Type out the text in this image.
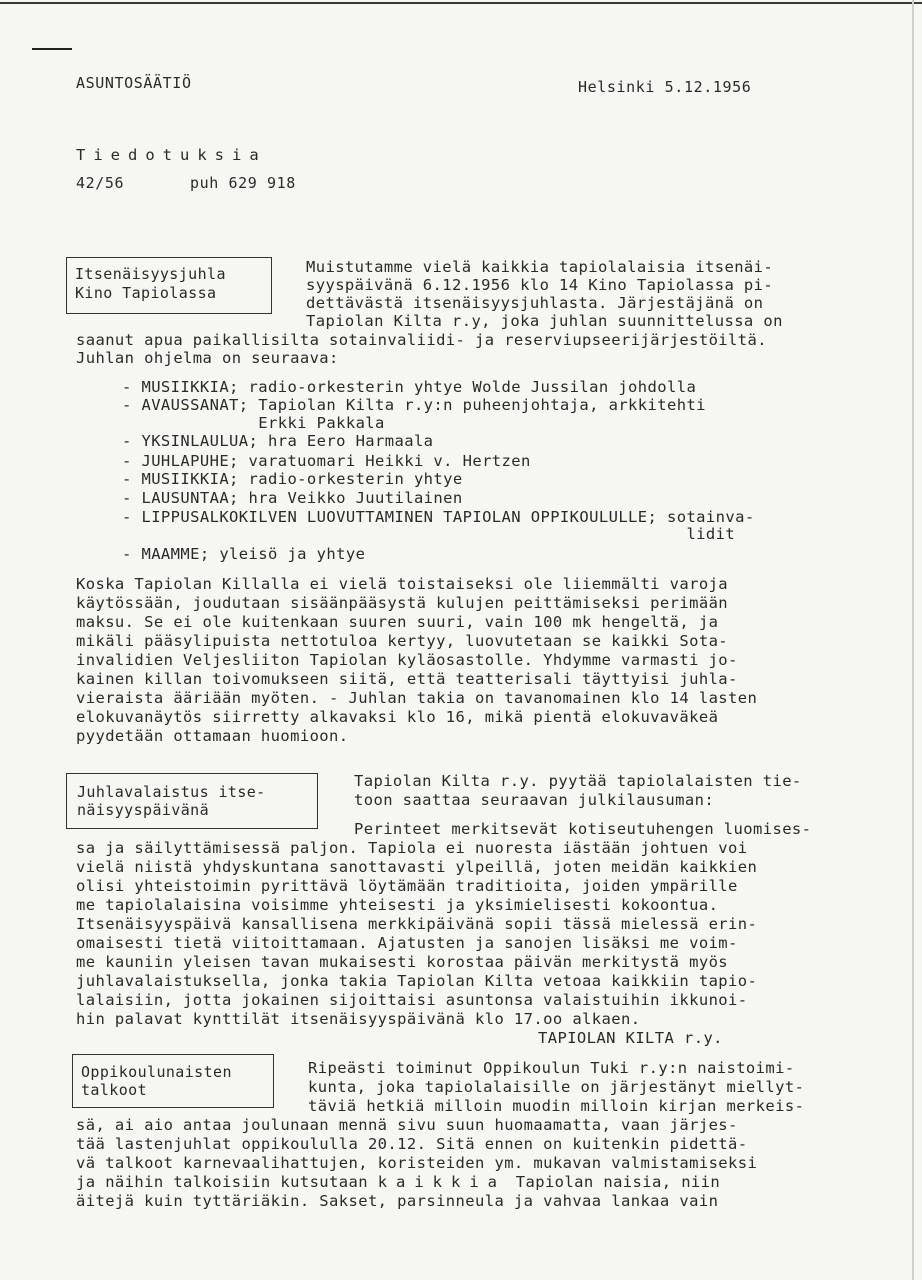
ASUNTOSÄÄTIÖ	Helsinki 5.12.1956
Tiedotuksia
42/56	puh 629 918
Itsenäisyysjuhla
Kino Tapiolassa
Muistutamme vielä kaikkia tapiolalaisia itsenäi-
syyspäivänä 6.12.1956 klo 14 Kino Tapiolassa pi-
dettävästä itsenäisyysjuhlasta. Järjestäjänä on
Tapiolan Kilta r.y, joka juhlan suunnittelussa on
saanut apua paikallisilta sotainvaliidi- ja reserviupseerijärjestöiltä.
Juhlan ohjelma on seuraava:
- MUSIIKKIA; radio-orkesterin yhtye Wolde Jussilan johdolla
- AVAUSSANAT; Tapiolan Kilta r.y:n puheenjohtaja, arkkitehti
Erkki Pakkala
- YKSINLAULUA; hra Eero Harmaala
- JUHLAPUHE; varatuomari Heikki v. Hertzen
- MUSIIKKIA; radio-orkesterin yhtye
- LAUSUNTAA; hra Veikko Juutilainen
- LIPPUSALKOKILVEN LUOVUTTAMINEN TAPIOLAN OPPIKOULULLE; sotainva-
lidit
- MAAMME; yleisö ja yhtye
Koska Tapiolan Killalla ei vielä toistaiseksi ole liiemmälti varoja
käytössään, joudutaan sisäänpääsystä kulujen peittämiseksi perimään
maksu. Se ei ole kuitenkaan suuren suuri, vain 100 mk hengeltä, ja
mikäli pääsylipuista nettotuloa kertyy, luovutetaan se kaikki Sota-
invalidien Veljesliiton Tapiolan kyläosastolle. Yhdymme varmasti jo-
kainen killan toivomukseen siitä, että teatterisali täyttyisi juhla-
vieraista ääriään myöten. - Juhlan takia on tavanomainen klo 14 lasten
elokuvanäytös siirretty alkavaksi klo 16, mikä pientä elokuvaväkeä
pyydetään ottamaan huomioon.
Juhlavalaistus itse-
näisyyspäivänä
Tapiolan Kilta r.y. pyytää tapiolalaisten tie-
toon saattaa seuraavan julkilausuman:
Perinteet merkitsevät kotiseutuhengen luomises-
sa ja säilyttämisessä paljon. Tapiola ei nuoresta iästään johtuen voi
vielä niistä yhdyskuntana sanottavasti ylpeillä, joten meidän kaikkien
olisi yhteistoimin pyrittävä löytämään traditioita, joiden ympärille
me tapiolalaisina voisimme yhteisesti ja yksimielisesti kokoontua.
Itsenäisyyspäivä kansallisena merkkipäivänä sopii tässä mielessä erin-
omaisesti tietä viitoittamaan. Ajatusten ja sanojen lisäksi me voim-
me kauniin yleisen tavan mukaisesti korostaa päivän merkitystä myös
juhlavalaistuksella, jonka takia Tapiolan Kilta vetoaa kaikkiin tapio-
lalaisiin, jotta jokainen sijoittaisi asuntonsa valaistuihin ikkunoi-
hin palavat kynttilät itsenäisyyspäivänä klo 17.oo alkaen.
TAPIOLAN KILTA r.y.
Oppikoulunaisten
talkoot
Ripeästi toiminut Oppikoulun Tuki r.y:n naistoimi-
kunta, joka tapiolalaisille on järjestänyt miellyt-
täviä hetkiä milloin muodin milloin kirjan merkeis-
sä, ai aio antaa joulunaan mennä sivu suun huomaamatta, vaan järjes-
tää lastenjuhlat oppikoululla 20.12. Sitä ennen on kuitenkin pidettä-
vä talkoot karnevaalihattujen, koristeiden ym. mukavan valmistamiseksi
ja näihin talkoisiin kutsutaan kaikkia Tapiolan naisia, niin
äitejä kuin tyttäriäkin. Sakset, parsinneula ja vahvaa lankaa vain
